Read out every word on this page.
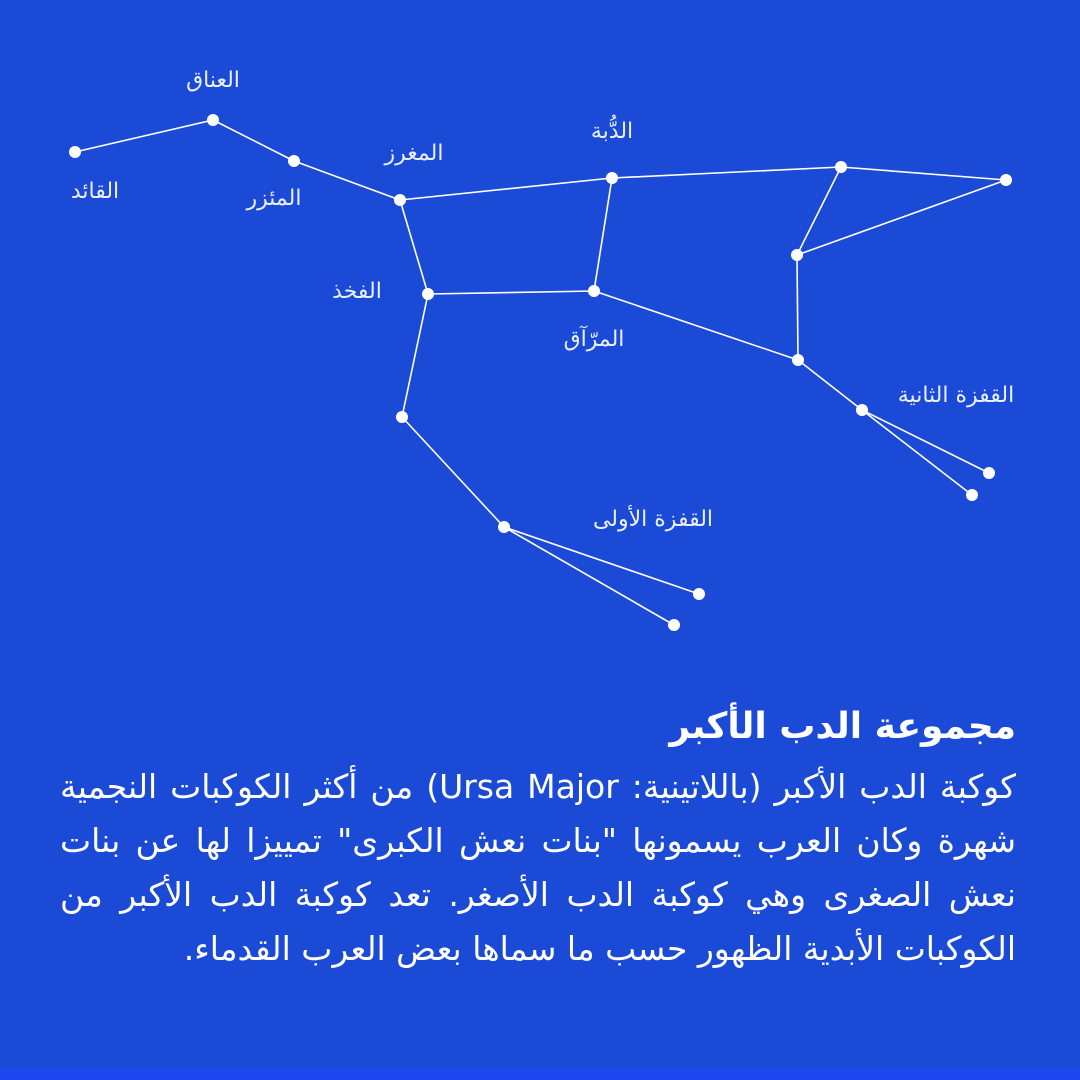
العناق
القائد	المئزر
المغرز
الدُّبة
الفخذ
المرّآق
القفزة الثانية
القفزة الأولى
مجموعة الدب الأكبر

كوكبة الدب الأكبر (باللاتينية: Ursa Major) من أكثر الكوكبات النجمية شهرة وكان العرب يسمونها "بنات نعش الكبرى" تمييزا لها عن بنات نعش الصغرى وهي كوكبة الدب الأصغر. تعد كوكبة الدب الأكبر من الكوكبات الأبدية الظهور حسب ما سماها بعض العرب القدماء.
